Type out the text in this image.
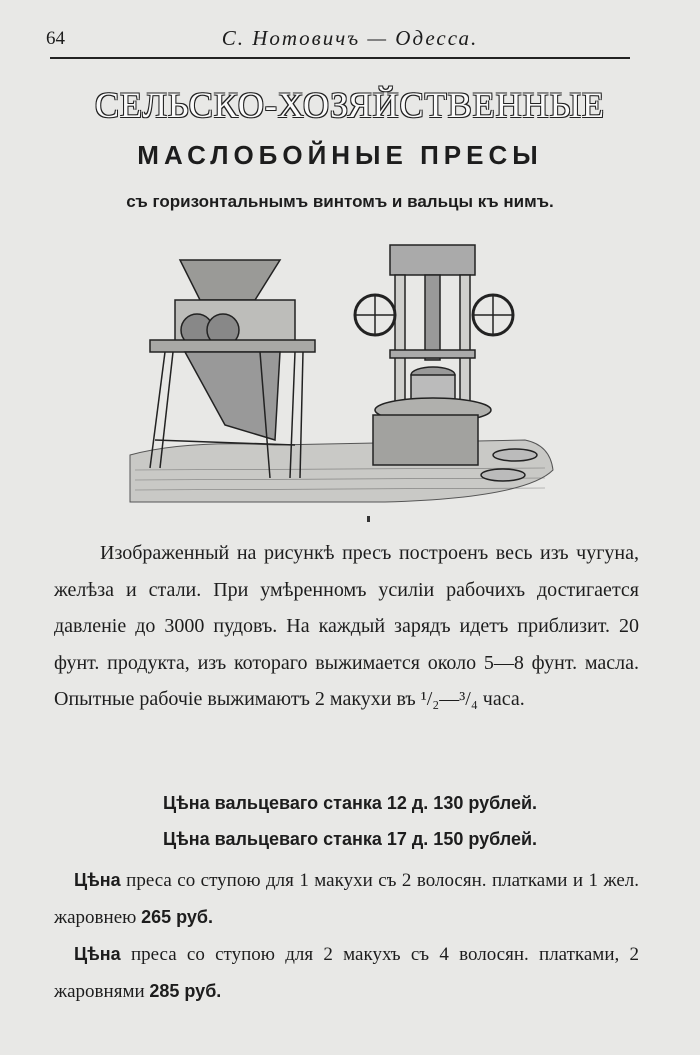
64	С. Нотовичъ — Одесса.
СЕЛЬСКО-ХОЗЯЙСТВЕННЫЕ
МАСЛОБОЙНЫЕ ПРЕСЫ
съ горизонтальнымъ винтомъ и вальцы къ нимъ.

Изображенный на рисункѣ пресъ построенъ весь изъ чугуна, желѣза и стали. При умѣренномъ усилiи рабочихъ достигается давленiе до 3000 пудовъ. На каждый зарядъ идетъ приблизит. 20 фунт. продукта, изъ котораго выжимается около 5—8 фунт. масла. Опытные рабочiе выжимаютъ 2 макухи въ ¹/₂—³/₄ часа.

Цѣна вальцеваго станка 12 д. 130 рублей.
Цѣна вальцеваго станка 17 д. 150 рублей.

Цѣна преса со ступою для 1 макухи съ 2 волосян. платками и 1 жел. жаровнею 265 руб.

Цѣна преса со ступою для 2 макухъ съ 4 волосян. платками, 2 жаровнями 285 руб.
